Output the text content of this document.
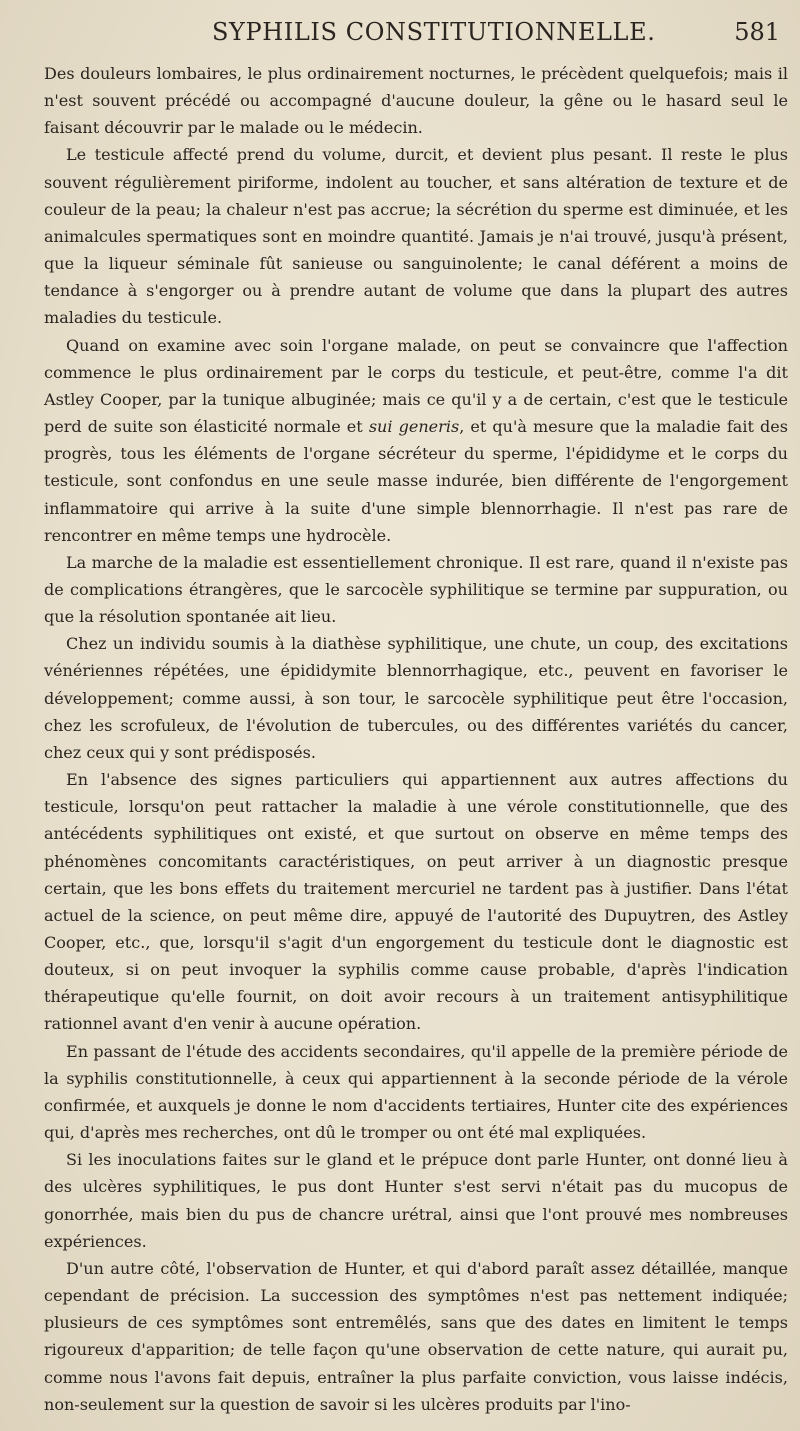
SYPHILIS CONSTITUTIONNELLE.	581

Des douleurs lombaires, le plus ordinairement nocturnes, le précèdent quelquefois; mais il n'est souvent précédé ou accompagné d'aucune douleur, la gêne ou le hasard seul le faisant découvrir par le malade ou le médecin.

Le testicule affecté prend du volume, durcit, et devient plus pesant. Il reste le plus souvent régulièrement piriforme, indolent au toucher, et sans altération de texture et de couleur de la peau; la chaleur n'est pas accrue; la sécrétion du sperme est diminuée, et les animalcules spermatiques sont en moindre quantité. Jamais je n'ai trouvé, jusqu'à présent, que la liqueur séminale fût sanieuse ou sanguinolente; le canal déférent a moins de tendance à s'engorger ou à prendre autant de volume que dans la plupart des autres maladies du testicule.

Quand on examine avec soin l'organe malade, on peut se convaincre que l'affection commence le plus ordinairement par le corps du testicule, et peut-être, comme l'a dit Astley Cooper, par la tunique albuginée; mais ce qu'il y a de certain, c'est que le testicule perd de suite son élasticité normale et sui generis, et qu'à mesure que la maladie fait des progrès, tous les éléments de l'organe sécréteur du sperme, l'épididyme et le corps du testicule, sont confondus en une seule masse indurée, bien différente de l'engorgement inflammatoire qui arrive à la suite d'une simple blennorrhagie. Il n'est pas rare de rencontrer en même temps une hydrocèle.

La marche de la maladie est essentiellement chronique. Il est rare, quand il n'existe pas de complications étrangères, que le sarcocèle syphilitique se termine par suppuration, ou que la résolution spontanée ait lieu.

Chez un individu soumis à la diathèse syphilitique, une chute, un coup, des excitations vénériennes répétées, une épididymite blennorrhagique, etc., peuvent en favoriser le développement; comme aussi, à son tour, le sarcocèle syphilitique peut être l'occasion, chez les scrofuleux, de l'évolution de tubercules, ou des différentes variétés du cancer, chez ceux qui y sont prédisposés.

En l'absence des signes particuliers qui appartiennent aux autres affections du testicule, lorsqu'on peut rattacher la maladie à une vérole constitutionnelle, que des antécédents syphilitiques ont existé, et que surtout on observe en même temps des phénomènes concomitants caractéristiques, on peut arriver à un diagnostic presque certain, que les bons effets du traitement mercuriel ne tardent pas à justifier. Dans l'état actuel de la science, on peut même dire, appuyé de l'autorité des Dupuytren, des Astley Cooper, etc., que, lorsqu'il s'agit d'un engorgement du testicule dont le diagnostic est douteux, si on peut invoquer la syphilis comme cause probable, d'après l'indication thérapeutique qu'elle fournit, on doit avoir recours à un traitement antisyphilitique rationnel avant d'en venir à aucune opération.

En passant de l'étude des accidents secondaires, qu'il appelle de la première période de la syphilis constitutionnelle, à ceux qui appartiennent à la seconde période de la vérole confirmée, et auxquels je donne le nom d'accidents tertiaires, Hunter cite des expériences qui, d'après mes recherches, ont dû le tromper ou ont été mal expliquées.

Si les inoculations faites sur le gland et le prépuce dont parle Hunter, ont donné lieu à des ulcères syphilitiques, le pus dont Hunter s'est servi n'était pas du mucopus de gonorrhée, mais bien du pus de chancre urétral, ainsi que l'ont prouvé mes nombreuses expériences.

D'un autre côté, l'observation de Hunter, et qui d'abord paraît assez détaillée, manque cependant de précision. La succession des symptômes n'est pas nettement indiquée; plusieurs de ces symptômes sont entremêlés, sans que des dates en limitent le temps rigoureux d'apparition; de telle façon qu'une observation de cette nature, qui aurait pu, comme nous l'avons fait depuis, entraîner la plus parfaite conviction, vous laisse indécis, non-seulement sur la question de savoir si les ulcères produits par l'ino-
